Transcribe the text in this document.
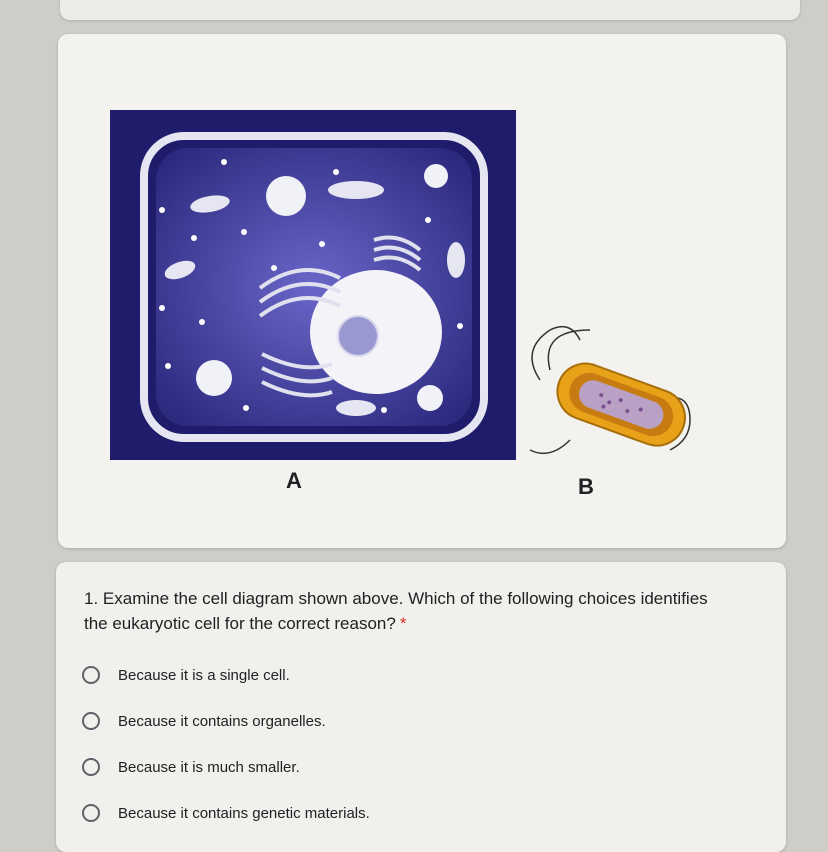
A	B
1. Examine the cell diagram shown above. Which of the following choices identifies the eukaryotic cell for the correct reason? *
Because it is a single cell.
Because it contains organelles.
Because it is much smaller.
Because it contains genetic materials.
